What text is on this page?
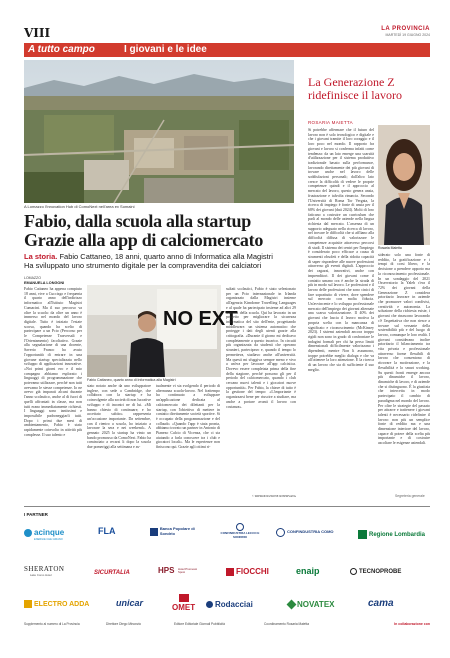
VIII	LA PROVINCIA
MARTEDÌ 19 GIUGNO 2024
A tutto campo	I giovani e le idee
A Lomazzo l'innovation Hub di ComoNext nell'area ex Somaini
Fabio, dalla scuola alla startup
Grazie alla app di calciomercato
La storia. Fabio Cattaneo, 18 anni, quarto anno di Informatica alla Magistri
Ha sviluppato uno strumento digitale per la compravendita dei calciatori
LOMAZZO
EMANUELA LONGONI
Fabio Cattaneo ha appena compiuto 18 anni, vive a Cuccisgo e frequenta il quarto anno dell'indirizzo informatico all'Istituto Magistri Cumacini. Ma il suo percorso va oltre la scuola: da oltre un anno è immerso nel mondo del lavoro digitale. Tutto è iniziato l'estate scorsa, quando ha scelto di partecipare a un Pcto (Percorso per le Competenze Trasversali e l'Orientamento) facoltativo. Grazie alla segnalazione di una docente, Saverio Franco ha avuto l'opportunità di entrare in una giovane startup specializzata nello sviluppo di applicazioni innovative. «Noi primi giorni ero e il mio compagno abbiamo esplorato i linguaggi di programmazione che potevamo utilizzare, perché non tutti avevamo le stesse competenze. Io ne avevo già imparati alcuni durante l'anno scolastico, anche al di fuori di quelli affrontati in classe, ma non tutti erano immediatamente richiesti. I linguaggi sono tantissimi e impossibile padroneggiarli tutti. Dopo i primi due mesi di ambientamento, Fabio è stato rapidamente coinvolto in attività più complesse. Il suo talento e
NO EXT
Fabio Cattaneo, quarto anno di Informatica alla Magistri
stato notato anche da uno sviluppatore inglese, con sede a Cambridge, che collabora con la startup e ha coinvolgente alla società di non lucrative sviluppo e di incontri ne di lui. «Mi hanno chiesto di continuare, e ho accettato subito» rappresenta un'occasione importante. Da settembre, con il rientro a scuola, ho iniziato a lavorare la sera e nei weekend». A gennaio 2025 la startup ha vinto un bando promosso da ComoNext. Fabio ha cominciato a recarsi li dopo la scuola due pomeriggi alla settimana e as-
tualmente vi sta svolgendo il periodo di alternanza scuola-lavoro. Nel frattempo ha continuato a sviluppare un'applicazione dedicata al calciomercato dei dilettanti per la startup, con l'obiettivo di mettere in contatto direttamente società sportive. Si è occupato della programmazione e del collaudo. «Quando l'app è stata pronta, abbiamo trovato un partner in Antonio di Pianezo Calcio di Vicenza, che ci sta aiutando a farla conoscere tra i club e giocatori locali». Ma le esperienze non finiscono qui. Grazie agli ottimi ri-
sultati scolastici, Fabio è stato selezionato per un Pcto internazionale in Irlanda organizzato dalla Magistri insieme all'agenzia Kimdome Travelling Languages e al quale ha partecipato insieme ad altri 29 studenti della scuola. Qui ha lavorato in un progetto per migliorare la sicurezza informatica del sito dell'ente, progettando middleware. un sistema automatico che protegge i dati degli utenti grazie alla crittografia. «Durante il giorno mi dedicavo completamente a questo incarico. In circuiti più organizzata da studenti che operano stranieri, partecipavo e, quando il tempo lo permetteva, studiavo anche all'università. Ma questi mi sfuggiva sempre meno e vivo a un'era per lavorare all'app calcistica. Dovevo essere completata prima della fine della stagione, perché possono gli per il periodo del calciomercato, quando i club cercano nuovi talenti e i giocatori nuove opportunità». Per Fabio, la chiave di tutto è la gestione del tempo: «L'importante è organizzarsi bene per riuscire a studiare, ma anche a portare avanti il lavoro con costanza».
© RIPRODUZIONE RISERVATA
La Generazione Z ridefinisce il lavoro
ROSARIA MAIETTA
Si potrebbe affermare che il futuro del lavoro non è solo tecnologico e digitale e che i giovani tramite il loro coraggio e il loro poco nel mondo. Il rapporto fra giovani e lavoro si conferma infatti come tendenza: da un lato emerge una scarsità d'utilizzazione per il sistema produttivo tradizionale basato sulla performance, lavorando direttamente dei più giovani di trovare anche nel lavoro delle soddisfazioni personali; dall'altro lato cresce la difficoltà di vedere le proprie competenze quindi e il approccio al mercato del lavoro, questo genera ansia, frustrazione e talvolta rinuncia. Secondo l'Università di Roma Tor Vergata, la ricerca di impiego è fonte di ansia per il 68% dei giovani (dati 2024). Molti di loro faticano a costruire un curriculum che parli al mondo delle aziende nella lingua richiesta dal mercato. L'assenza di un supporto adeguato nella ricerca di lavoro, nel trovare le difficoltà che si affliano alla difficoltà diffusa di valorizzare le competenze acquisite attraverso percorsi di studi. Il sistema dei centri per l'impiego è considerato poco efficace a causa di strumenti obsoleti e della ridotta capacità di saper rispondere alle nuove professioni attraverso gli eventi digitali. L'approccio dei ragazzi, innovativi, anche con imprenditori. Il dei giovani come il contatto umano ora è anche la strada di più in modo sul lavoro. Le professioni e il lavoro delle professioni che sono cinici di fare soprattutto di vivere, dove spendere sul mercato con molta fiducia. Un'avvincente e lo sviluppo professionale mercato dell'impiego dei giovani alternate una scarsa valorizzazione. Il 40% dei giovani che lascia il lavoro motiva la propria scelta con la mancanza di significato e riconoscimento (McKinsey 2023). I sistemi aziendali ancora troppo rigidi non sono in grado di confrontare le indagini formali per chi ha perso limiti dimensionali difficilmente valorizzano i dipendenti, mentre Non li assumono, troppe potrebbe meglio dialoga e che va all'ottenere la loro attenzione. E la ricerca di un lavoro che sia di sufficiente il suo meglio.
Rosaria Maietta
siderato solo una fonte di reddito, la gratificazione e i tempi di corsi libero, e la decisione a prendere apporto ma la riconoscimento professionale. In un sondaggio del 2021 Osservatorio la Yaleb c'era il 72% dei giovani della Generazione Z considera prioritario lavorare in aziende che promuove valori condivisi, creatività e autonomia. La soluzione della richiesta esiste, i giovani che rinascono lavorando c'è l'aspettativa che non riesce a trovare sul versante della sostenibilità più e del luogo di lavoro, comunque le loro realtà. I giovani considerano inoltre prioritario il bilanciamento tra vita privata e professionale attraverso forme flessibili di lavoro che consentono di ritrovare la motivazione, e la flessibilità e lo smart working. Su questi fronti emerge ancora più dinamiche il lavoro, dinamiche di lavoro, e di aziende che si distinguono. È la giustizia che intercetta in modo partecipato il cambio di paradigma nel mondo del lavoro. Per oltre le strategie del passato per attrarre e trattenere i giovani talenti è necessario ridefinire il lavoro: non più un semplice fonte di reddito ma e una dimensione interiore del lavoro, capace di potere della scelta più importante e di costruire ascoltare le esigenze aziendali.
Segreteria generale
I PARTNER
acinque
ENERGIE CHE GIRANO
FLA	Banca Popolare di Sondrio	CONFINDUSTRIA LECCO E SONDRIO
CONFINDUSTRIA COMO	Regione Lombardia
SHERATON
Lake Como Hotel	SICURTALIA	HPS Hotel Promessi Sposi	FIOCCHI	enaip	TECNOPROBE
ELECTRO ADDA	unicar	OMET Rodacciai	NOVATEX	cama
Supplemento al numero di La Provincia	Direttore Diego Minonzio	Editore Editoriale Giornali Pubblicità	Coordinamento Rosaria Maietta	In collaborazione con
